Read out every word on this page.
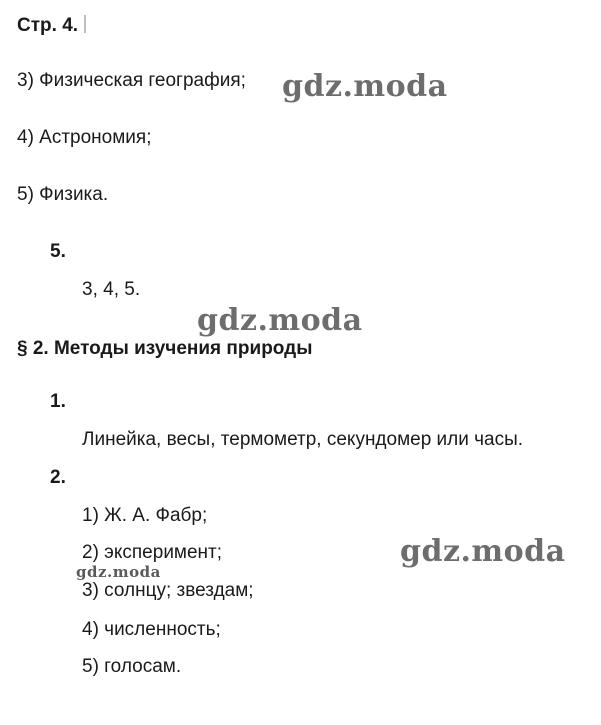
Стр. 4.
3) Физическая география;
4) Астрономия;
5) Физика.
5.
3, 4, 5.
§ 2. Методы изучения природы
1.
Линейка, весы, термометр, секундомер или часы.
2.
1) Ж. А. Фабр;
2) эксперимент;
3) солнцу; звездам;
4) численность;
5) голосам.
gdz.moda
gdz.moda
gdz.moda
gdz.moda
